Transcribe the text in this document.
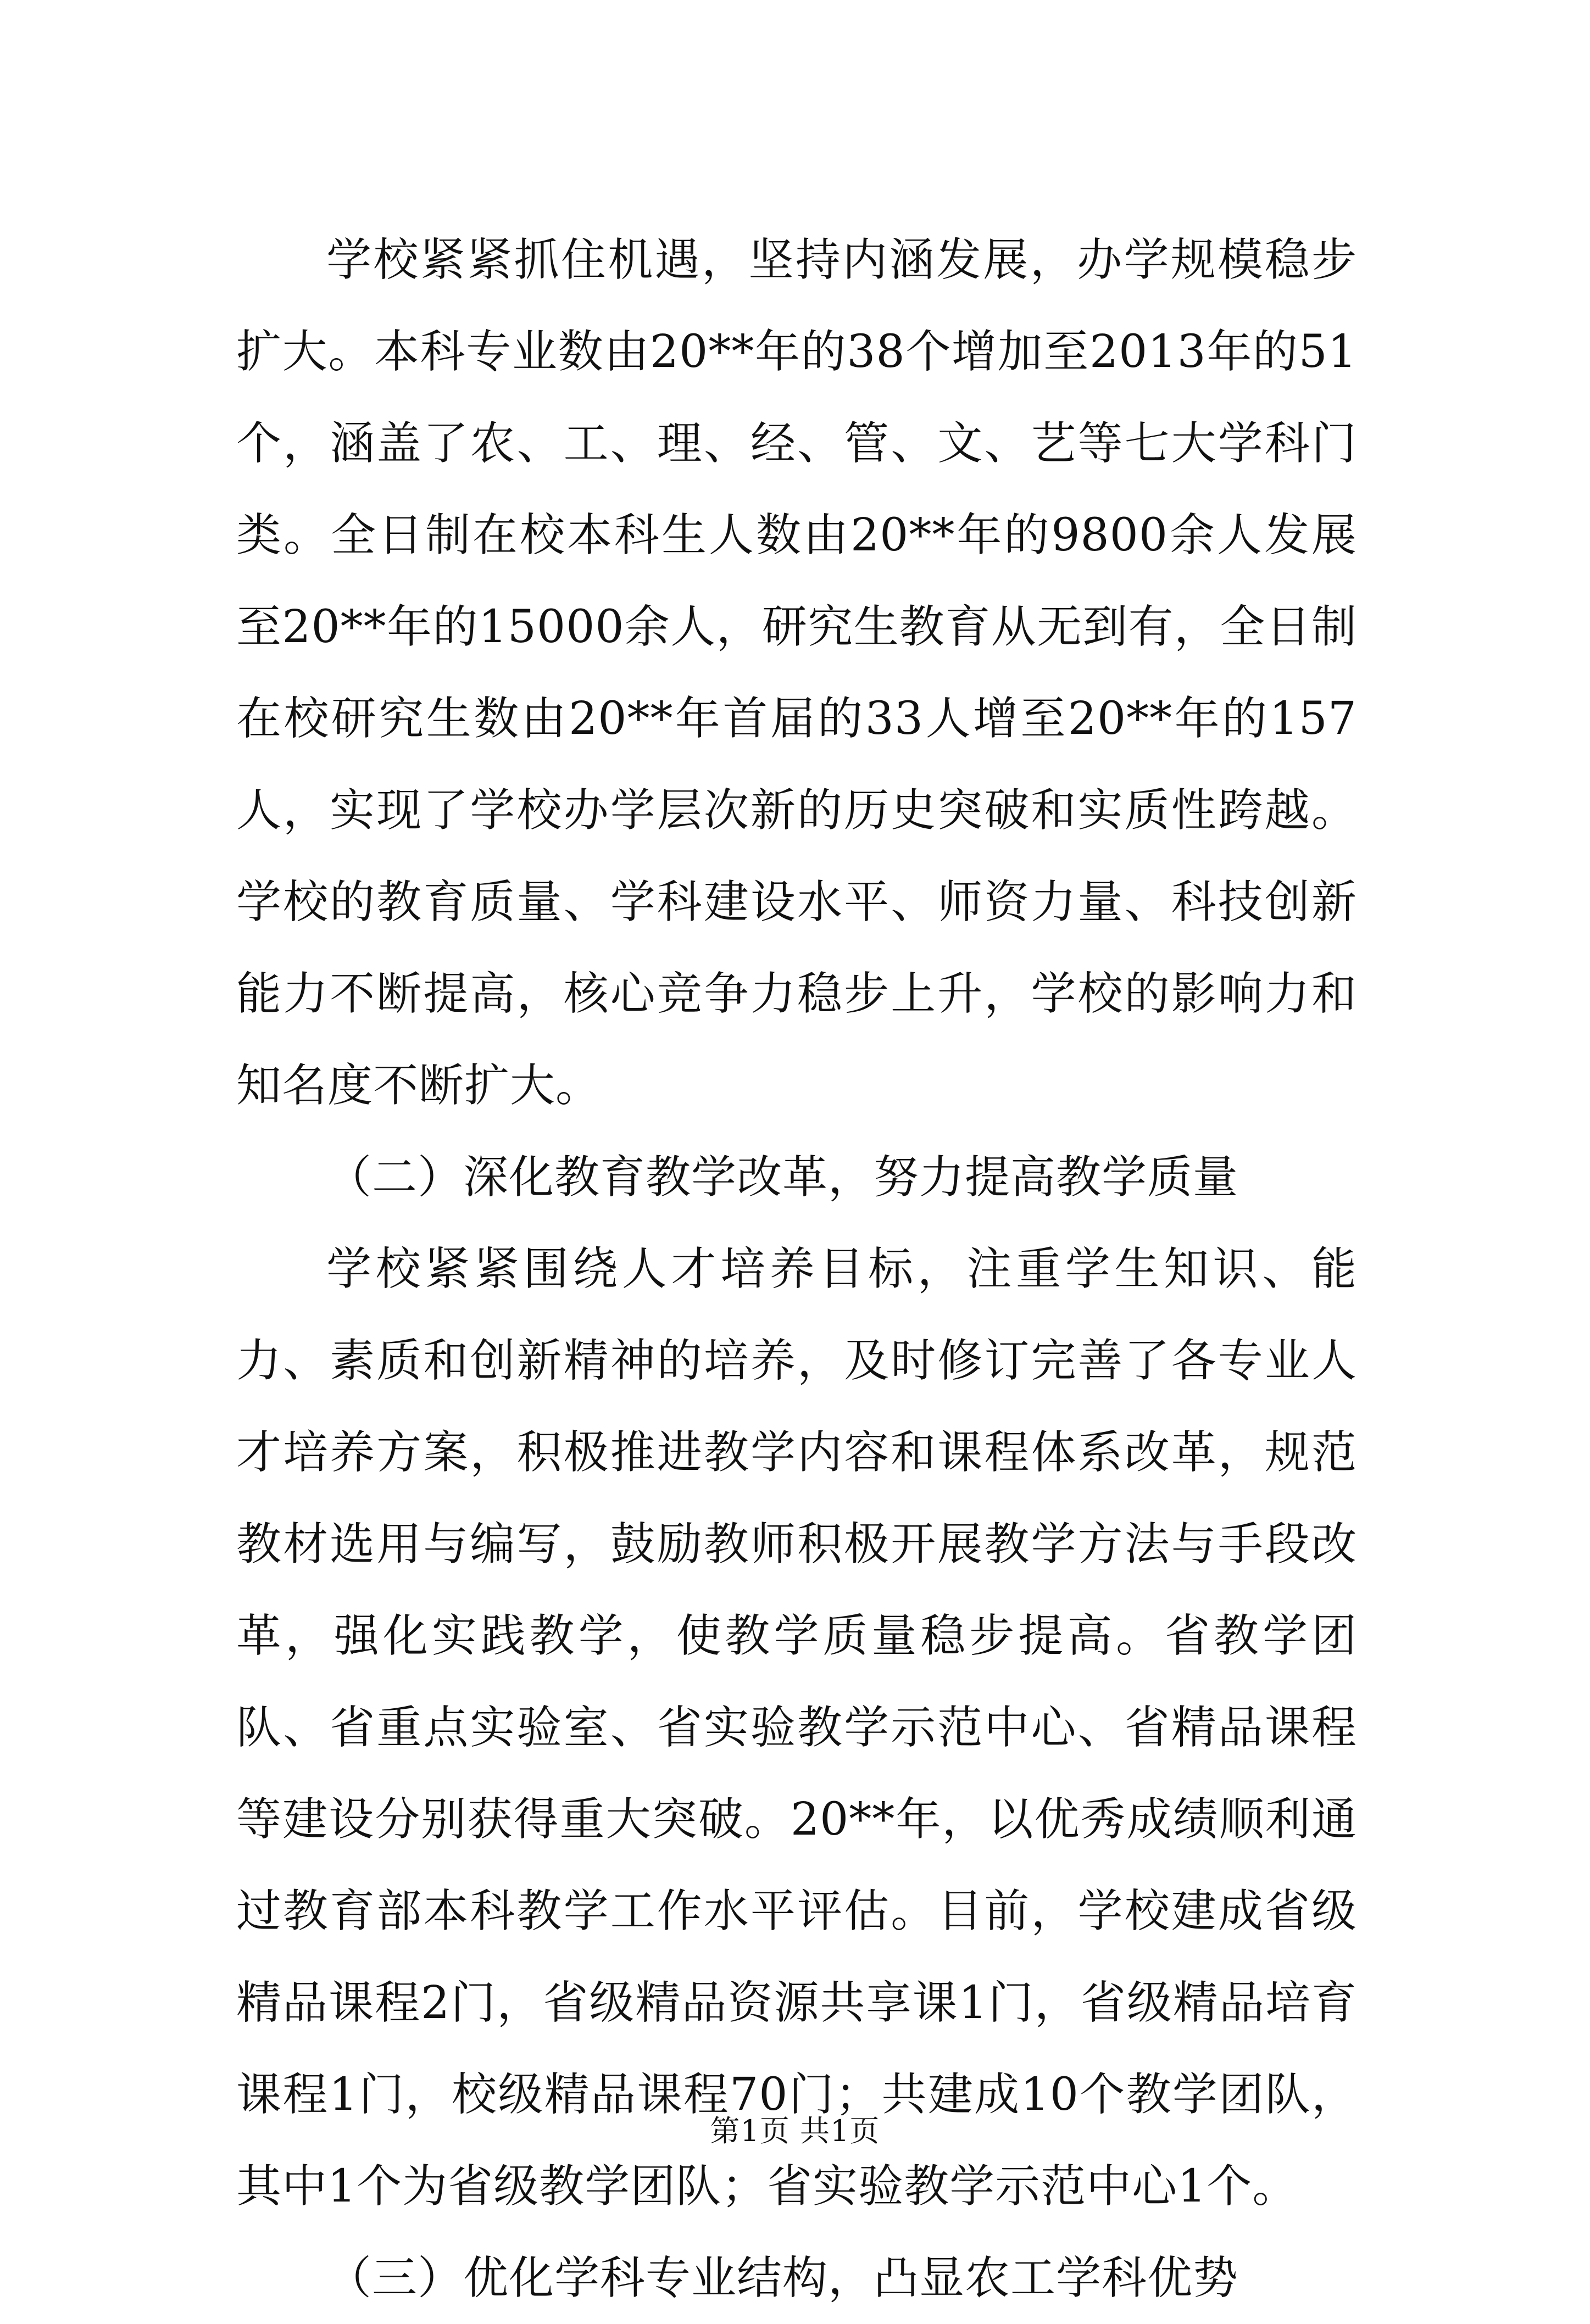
学校紧紧抓住机遇，坚持内涵发展，办学规模稳步扩大。本科专业数由20**年的38个增加至2013年的51个，涵盖了农、工、理、经、管、文、艺等七大学科门类。全日制在校本科生人数由20**年的9800余人发展至20**年的15000余人，研究生教育从无到有，全日制在校研究生数由20**年首届的33人增至20**年的157人，实现了学校办学层次新的历史突破和实质性跨越。学校的教育质量、学科建设水平、师资力量、科技创新能力不断提高，核心竞争力稳步上升，学校的影响力和知名度不断扩大。

（二）深化教育教学改革，努力提高教学质量

学校紧紧围绕人才培养目标，注重学生知识、能力、素质和创新精神的培养，及时修订完善了各专业人才培养方案，积极推进教学内容和课程体系改革，规范教材选用与编写，鼓励教师积极开展教学方法与手段改革，强化实践教学，使教学质量稳步提高。省教学团队、省重点实验室、省实验教学示范中心、省精品课程等建设分别获得重大突破。20**年，以优秀成绩顺利通过教育部本科教学工作水平评估。目前，学校建成省级精品课程2门，省级精品资源共享课1门，省级精品培育课程1门，校级精品课程70门；共建成10个教学团队，其中1个为省级教学团队；省实验教学示范中心1个。

（三）优化学科专业结构，凸显农工学科优势

第1页 共1页
